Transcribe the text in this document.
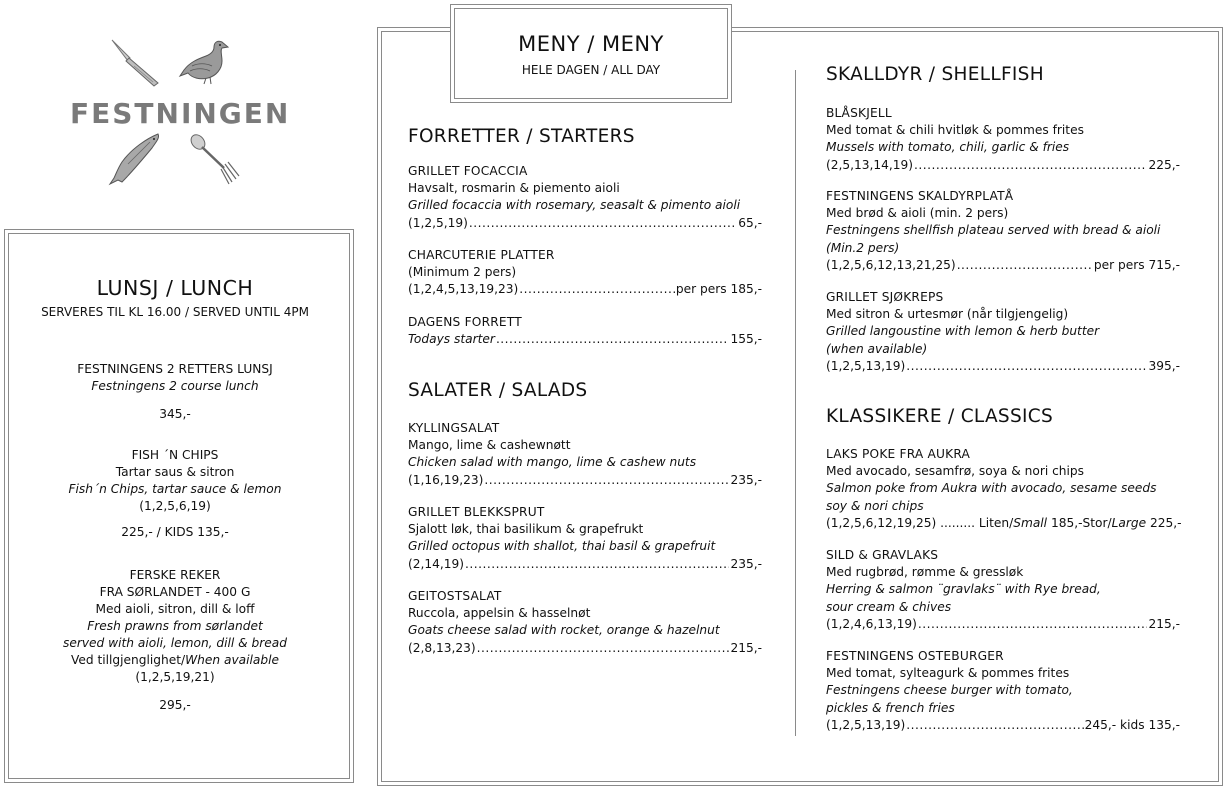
FESTNINGEN
LUNSJ / LUNCH
SERVERES TIL KL 16.00 / SERVED UNTIL 4PM
FESTNINGENS 2 RETTERS LUNSJ
Festningens 2 course lunch
345,-
FISH ´N CHIPS
Tartar saus & sitron
Fish´n Chips, tartar sauce & lemon
(1,2,5,6,19)
225,- / KIDS 135,-
FERSKE REKER
FRA SØRLANDET - 400 G
Med aioli, sitron, dill & loff
Fresh prawns from sørlandet
served with aioli, lemon, dill & bread
Ved tillgjenglighet/When available
(1,2,5,19,21)
295,-
MENY / MENY
HELE DAGEN / ALL DAY
FORRETTER / STARTERS
GRILLET FOCACCIA
Havsalt, rosmarin & piemento aioli
Grilled focaccia with rosemary, seasalt & pimento aioli
(1,2,5,19) .....	65,-
CHARCUTERIE PLATTER
(Minimum 2 pers)
(1,2,4,5,13,19,23) .....	per pers 185,-
DAGENS FORRETT
Todays starter .....	155,-
SALATER / SALADS
KYLLINGSALAT
Mango, lime & cashewnøtt
Chicken salad with mango, lime & cashew nuts
(1,16,19,23) .....	235,-
GRILLET BLEKKSPRUT
Sjalott løk, thai basilikum & grapefrukt
Grilled octopus with shallot, thai basil & grapefruit
(2,14,19) .....	235,-
GEITOSTSALAT
Ruccola, appelsin & hasselnøt
Goats cheese salad with rocket, orange & hazelnut
(2,8,13,23) .....	215,-
SKALLDYR / SHELLFISH
BLÅSKJELL
Med tomat & chili hvitløk & pommes frites
Mussels with tomato, chili, garlic & fries
(2,5,13,14,19) .....	225,-
FESTNINGENS SKALDYRPLATÅ
Med brød & aioli (min. 2 pers)
Festningens shellfish plateau served with bread & aioli
(Min.2 pers)
(1,2,5,6,12,13,21,25) .....	per pers 715,-
GRILLET SJØKREPS
Med sitron & urtesmør (når tilgjengelig)
Grilled langoustine with lemon & herb butter
(when available)
(1,2,5,13,19) .....	395,-
KLASSIKERE / CLASSICS
LAKS POKE FRA AUKRA
Med avocado, sesamfrø, soya & nori chips
Salmon poke from Aukra with avocado, sesame seeds
soy & nori chips
(1,2,5,6,12,19,25) ......... Liten/Small 185,-Stor/Large 225,-
SILD & GRAVLAKS
Med rugbrød, rømme & gressløk
Herring & salmon ¨gravlaks¨ with Rye bread,
sour cream & chives
(1,2,4,6,13,19) .....	215,-
FESTNINGENS OSTEBURGER
Med tomat, sylteagurk & pommes frites
Festningens cheese burger with tomato,
pickles & french fries
(1,2,5,13,19) .....	245,- kids 135,-
